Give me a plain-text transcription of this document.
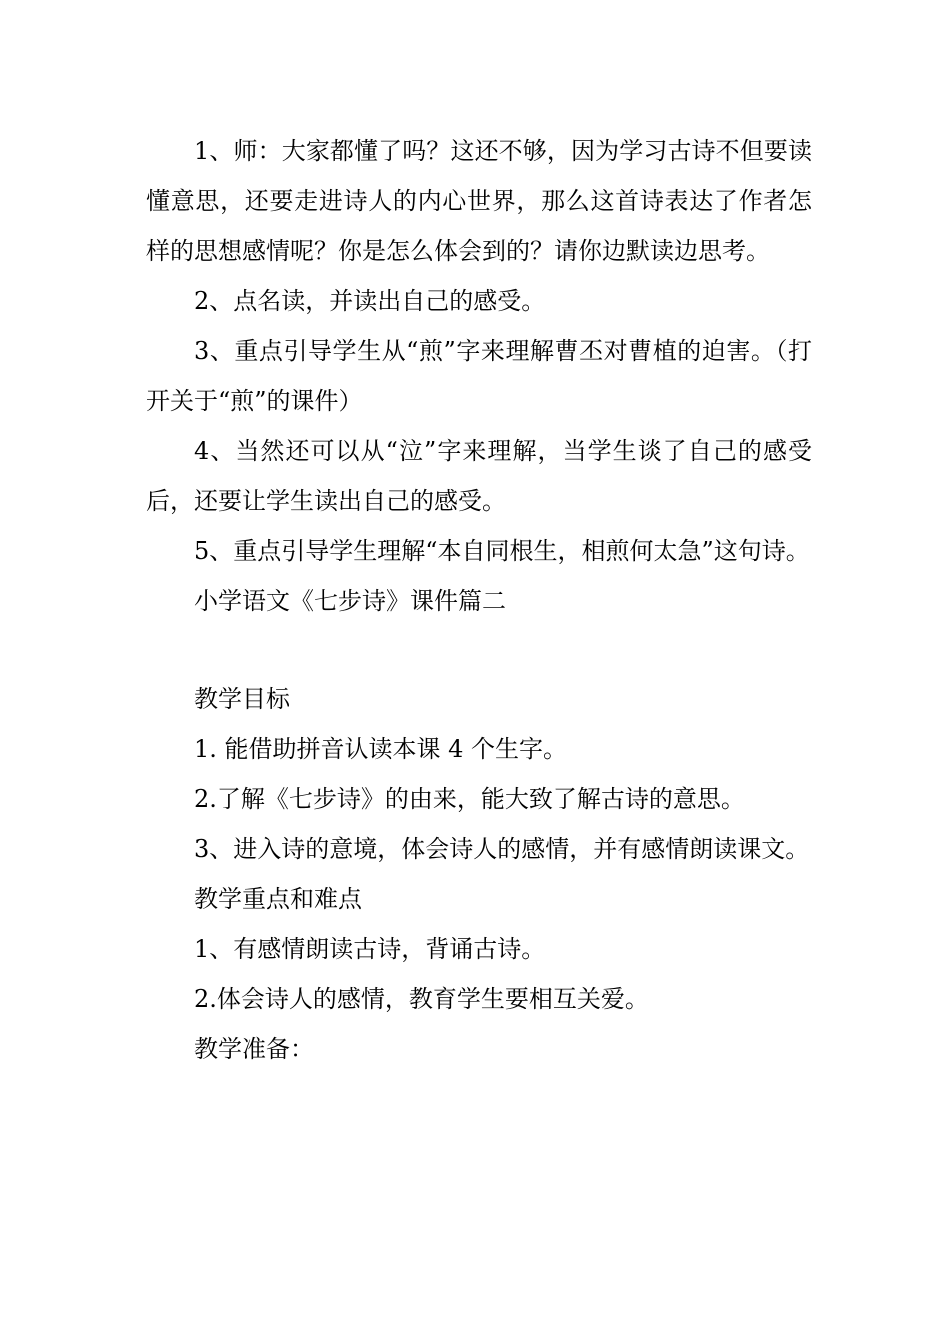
1、师：大家都懂了吗？这还不够，因为学习古诗不但要读懂意思，还要走进诗人的内心世界，那么这首诗表达了作者怎样的思想感情呢？你是怎么体会到的？请你边默读边思考。

2、点名读，并读出自己的感受。

3、重点引导学生从“煎”字来理解曹丕对曹植的迫害。（打开关于“煎”的课件）

4、当然还可以从“泣”字来理解，当学生谈了自己的感受后，还要让学生读出自己的感受。

5、重点引导学生理解“本自同根生，相煎何太急”这句诗。

小学语文《七步诗》课件篇二

教学目标

1. 能借助拼音认读本课 4 个生字。

2.了解《七步诗》的由来，能大致了解古诗的意思。

3、进入诗的意境，体会诗人的感情，并有感情朗读课文。

教学重点和难点

1、有感情朗读古诗，背诵古诗。

2.体会诗人的感情，教育学生要相互关爱。

教学准备：
